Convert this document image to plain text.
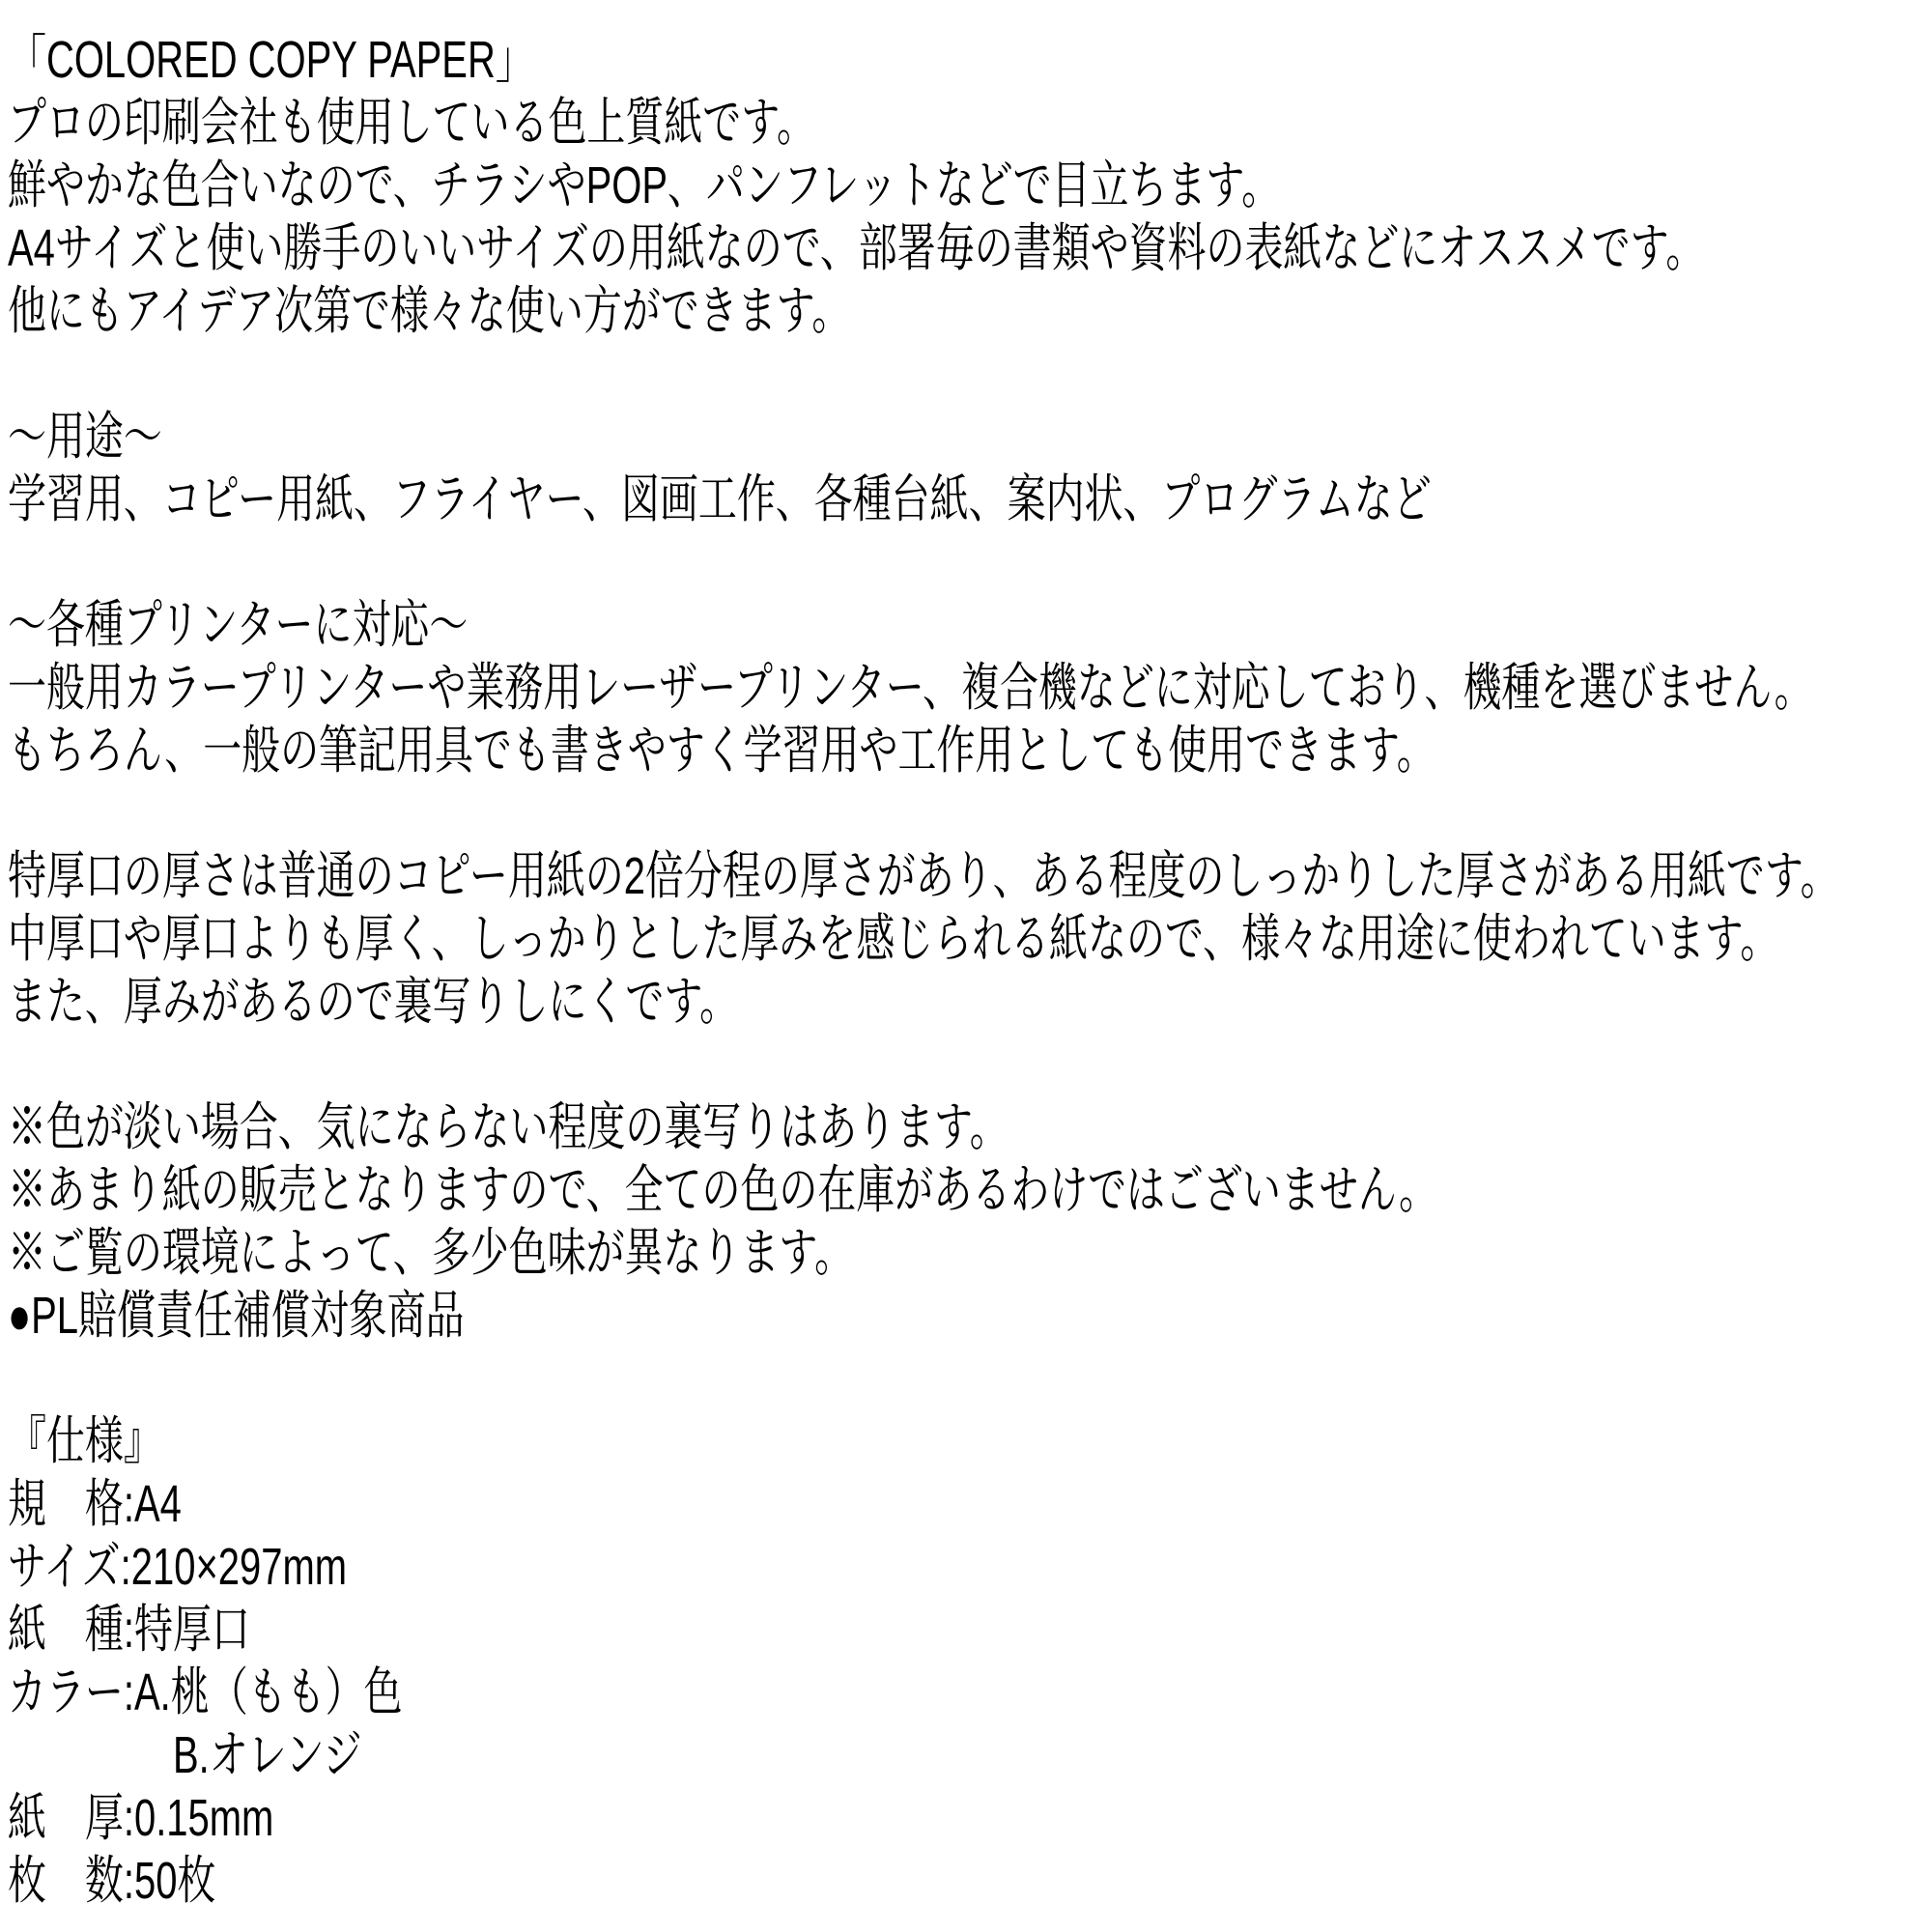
「COLORED COPY PAPER」
プロの印刷会社も使用している色上質紙です。
鮮やかな色合いなので、チラシやPOP、パンフレットなどで目立ちます。
A4サイズと使い勝手のいいサイズの用紙なので、部署毎の書類や資料の表紙などにオススメです。
他にもアイデア次第で様々な使い方ができます。
～用途～
学習用、コピー用紙、フライヤー、図画工作、各種台紙、案内状、プログラムなど
～各種プリンターに対応～
一般用カラープリンターや業務用レーザープリンター、複合機などに対応しており、機種を選びません。
もちろん、一般の筆記用具でも書きやすく学習用や工作用としても使用できます。
特厚口の厚さは普通のコピー用紙の2倍分程の厚さがあり、ある程度のしっかりした厚さがある用紙です。
中厚口や厚口よりも厚く、しっかりとした厚みを感じられる紙なので、様々な用途に使われています。
また、厚みがあるので裏写りしにくです。
※色が淡い場合、気にならない程度の裏写りはあります。
※あまり紙の販売となりますので、全ての色の在庫があるわけではございません。
※ご覧の環境によって、多少色味が異なります。
●PL賠償責任補償対象商品
『仕様』
規　格:A4
サイズ:210×297mm
紙　種:特厚口
カラー:A.桃（もも）色
　　　　 B.オレンジ
紙　厚:0.15mm
枚　数:50枚
